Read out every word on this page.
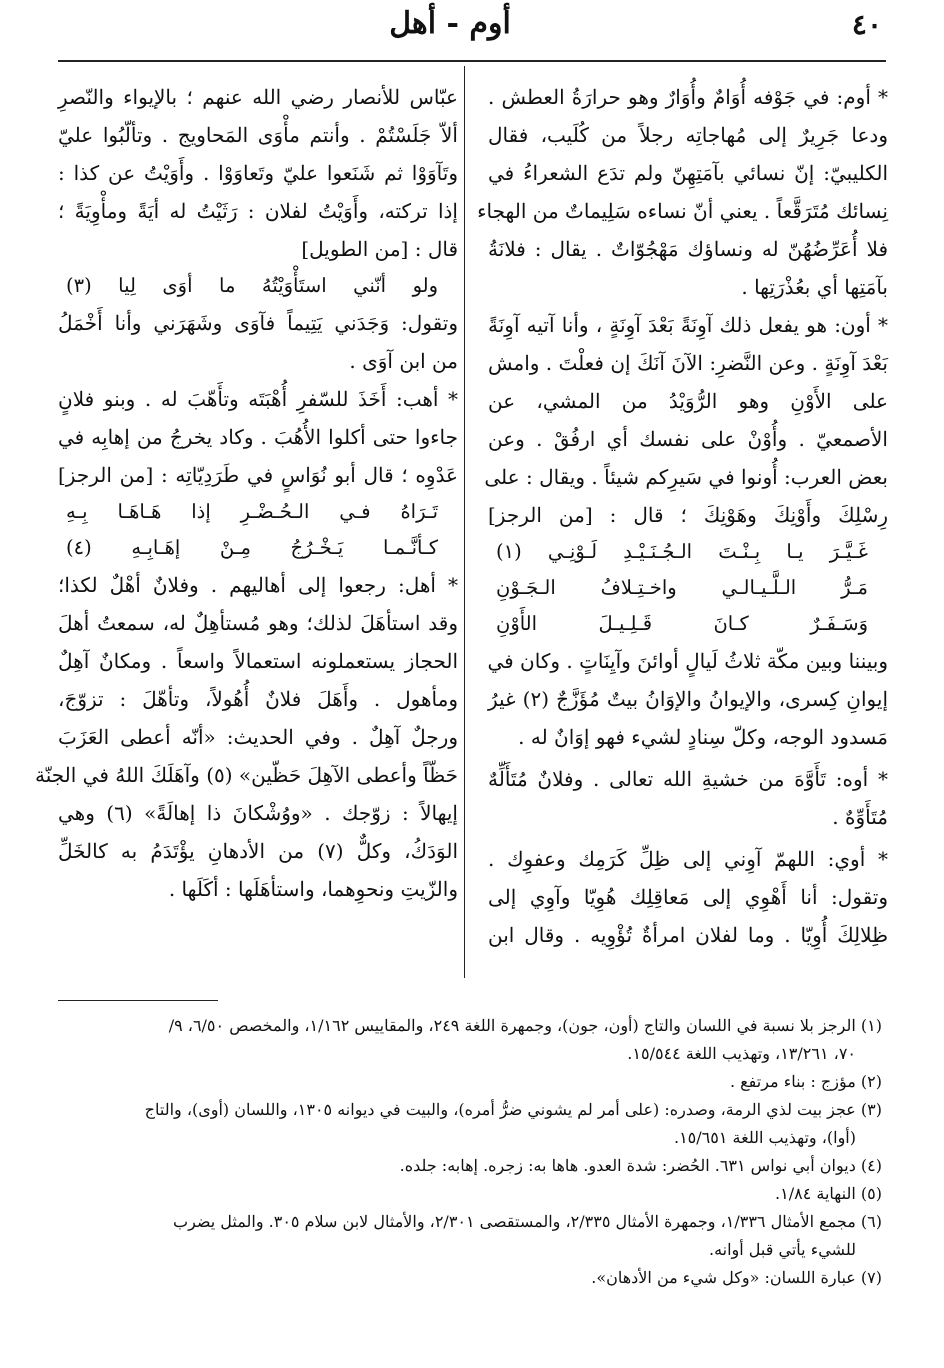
٤٠
أوم - أهل
* أوم: في جَوْفه أُوَامٌ وأُوَارٌ وهو حرارَةُ العطش .
ودعا جَرِيرٌ إلى مُهاجاتِه رجلاً من كُلَيب، فقال
الكليبيّ: إنّ نسائي بآمَتِهِنّ ولم تدَع الشعراءُ في
نِسائك مُتَرَقَّعاً . يعني أنّ نساءه سَلِيماتٌ من الهجاء
فلا أُعَرِّضُهُنّ له ونساؤك مَهْجُوّاتٌ . يقال : فلانَةُ
بآمَتِها أي بعُذْرَتِها .
* أون: هو يفعل ذلك آوِنَةً بَعْدَ آوِنَةٍ ، وأنا آتيه آوِنَةً
بَعْدَ آوِنَةٍ . وعن النَّضرِ: الآنَ آنَكَ إن فعلْتَ . وامش
على الأَوْنِ وهو الرُّوَيْدُ من المشي، عن
الأصمعيّ . وأُوْنْ على نفسك أي ارفُقْ . وعن
بعض العرب: أُونوا في سَيرِكم شيئاً . ويقال : على
رِسْلِكَ وأَوْنِكَ وهَوْنِكَ ؛ قال : [من الرجز]
غَـيَّـرَ يـا بِـنْـتَ الـجُـنَـيْـدِ لَـوْنِـي (١)
مَـرُّ الـلَّـيـالـي واخـتِـلافُ الـجَـوْنِ
وَسَـفَـرٌ كـانَ قَـلِـيـلَ الأَوْنِ
وبيننا وبين مكّة ثلاثُ لَيالٍ أوائنَ وآيِنَاتٍ . وكان في
إيوانِ كِسرى، والإيوانُ والإوَانُ بيتٌ مُؤَزَّجٌ (٢) غيرُ
مَسدود الوجه، وكلّ سِنادٍ لشيء فهو إوَانٌ له .
* أوه: تَأَوَّهَ من خشيةِ الله تعالى . وفلانٌ مُتَأَلِّهٌ
مُتَأَوِّهٌ .
* أوي: اللهمّ آوِني إلى ظِلِّ كَرَمِك وعفوِك .
وتقول: أنا أَهْوِي إلى مَعاقِلِك هُوِيّا وآوِي إلى
ظِلالِكَ أُوِيّا . وما لفلان امرأةٌ تُؤْوِيه . وقال ابن
عبّاس للأنصار رضي الله عنهم ؛ بالإيواء والنّصرِ
ألاّ جَلَسْتُمْ . وأنتم مأْوَى المَحاويج . وتألّبُوا عليّ
وتَآوَوْا ثم شَنَعوا عليّ وتَعاوَوْا . وأَوَيْتُ عن كذا :
إذا تركته، وأَوَيْتُ لفلان : رَثَيْتُ له أيَةً ومأْوِيَةً ؛
قال : [من الطويل]
ولو أنّني استَأْوَيْتُهُ ما أوَى لِيا (٣)
وتقول: وَجَدَني يَتِيماً فآوَى وشَهَرَني وأنا أَخْمَلُ
من ابن آوَى .
* أهب: أَخَذَ للسّفرِ أُهْبَتَه وتأَهّبَ له . وبنو فلانٍ
جاءوا حتى أكلوا الأُهُبَ . وكاد يخرجُ من إهابِه في
عَدْوِه ؛ قال أبو نُوَاسٍ في طَرَدِيّاتِه : [من الرجز]
تَـرَاهُ فـي الـحُـضْـرِ إذا هَـاهَـا بِـهِ
كـأنَّـمـا يَـخْـرُجُ مِـنْ إهَـابِـهِ (٤)
* أهل: رجعوا إلى أهاليهم . وفلانٌ أهْلٌ لكذا؛
وقد استأهَلَ لذلك؛ وهو مُستأهِلٌ له، سمعتُ أهلَ
الحجاز يستعملونه استعمالاً واسعاً . ومكانٌ آهِلٌ
ومأهول . وأَهَلَ فلانٌ أُهُولاً، وتأهّلَ : تزوّجَ،
ورجلٌ آهِلٌ . وفي الحديث: «أنّه أعطى العَزَبَ
حَظّاً وأعطى الآهِلَ حَظّين» (٥) وآهَلَكَ اللهُ في الجنّة
إيهالاً : زوّجك . «ووُشْكانَ ذا إهالَةً» (٦) وهي
الوَدَكُ، وكلٌّ (٧) من الأدهانِ يؤْتَدَمُ به كالخَلِّ
والزّيتِ ونحوِهما، واستأهَلَها : أكَلَها .
(١) الرجز بلا نسبة في اللسان والتاج (أون، جون)، وجمهرة اللغة ٢٤٩، والمقاييس ١/١٦٢، والمخصص ٦/٥٠، ٩/
٧٠، ١٣/٢٦١، وتهذيب اللغة ١٥/٥٤٤.
(٢) مؤزج : بناء مرتفع .
(٣) عجز بيت لذي الرمة، وصدره: (على أمر لم يشوني ضرُّ أمره)، والبيت في ديوانه ١٣٠٥، واللسان (أوى)، والتاج
(أوا)، وتهذيب اللغة ١٥/٦٥١.
(٤) ديوان أبي نواس ٦٣١. الحُضر: شدة العدو. هاها به: زجره. إهابه: جلده.
(٥) النهاية ١/٨٤.
(٦) مجمع الأمثال ١/٣٣٦، وجمهرة الأمثال ٢/٣٣٥، والمستقصى ٢/٣٠١، والأمثال لابن سلام ٣٠٥. والمثل يضرب
للشيء يأتي قبل أوانه.
(٧) عبارة اللسان: «وكل شيء من الأدهان».
